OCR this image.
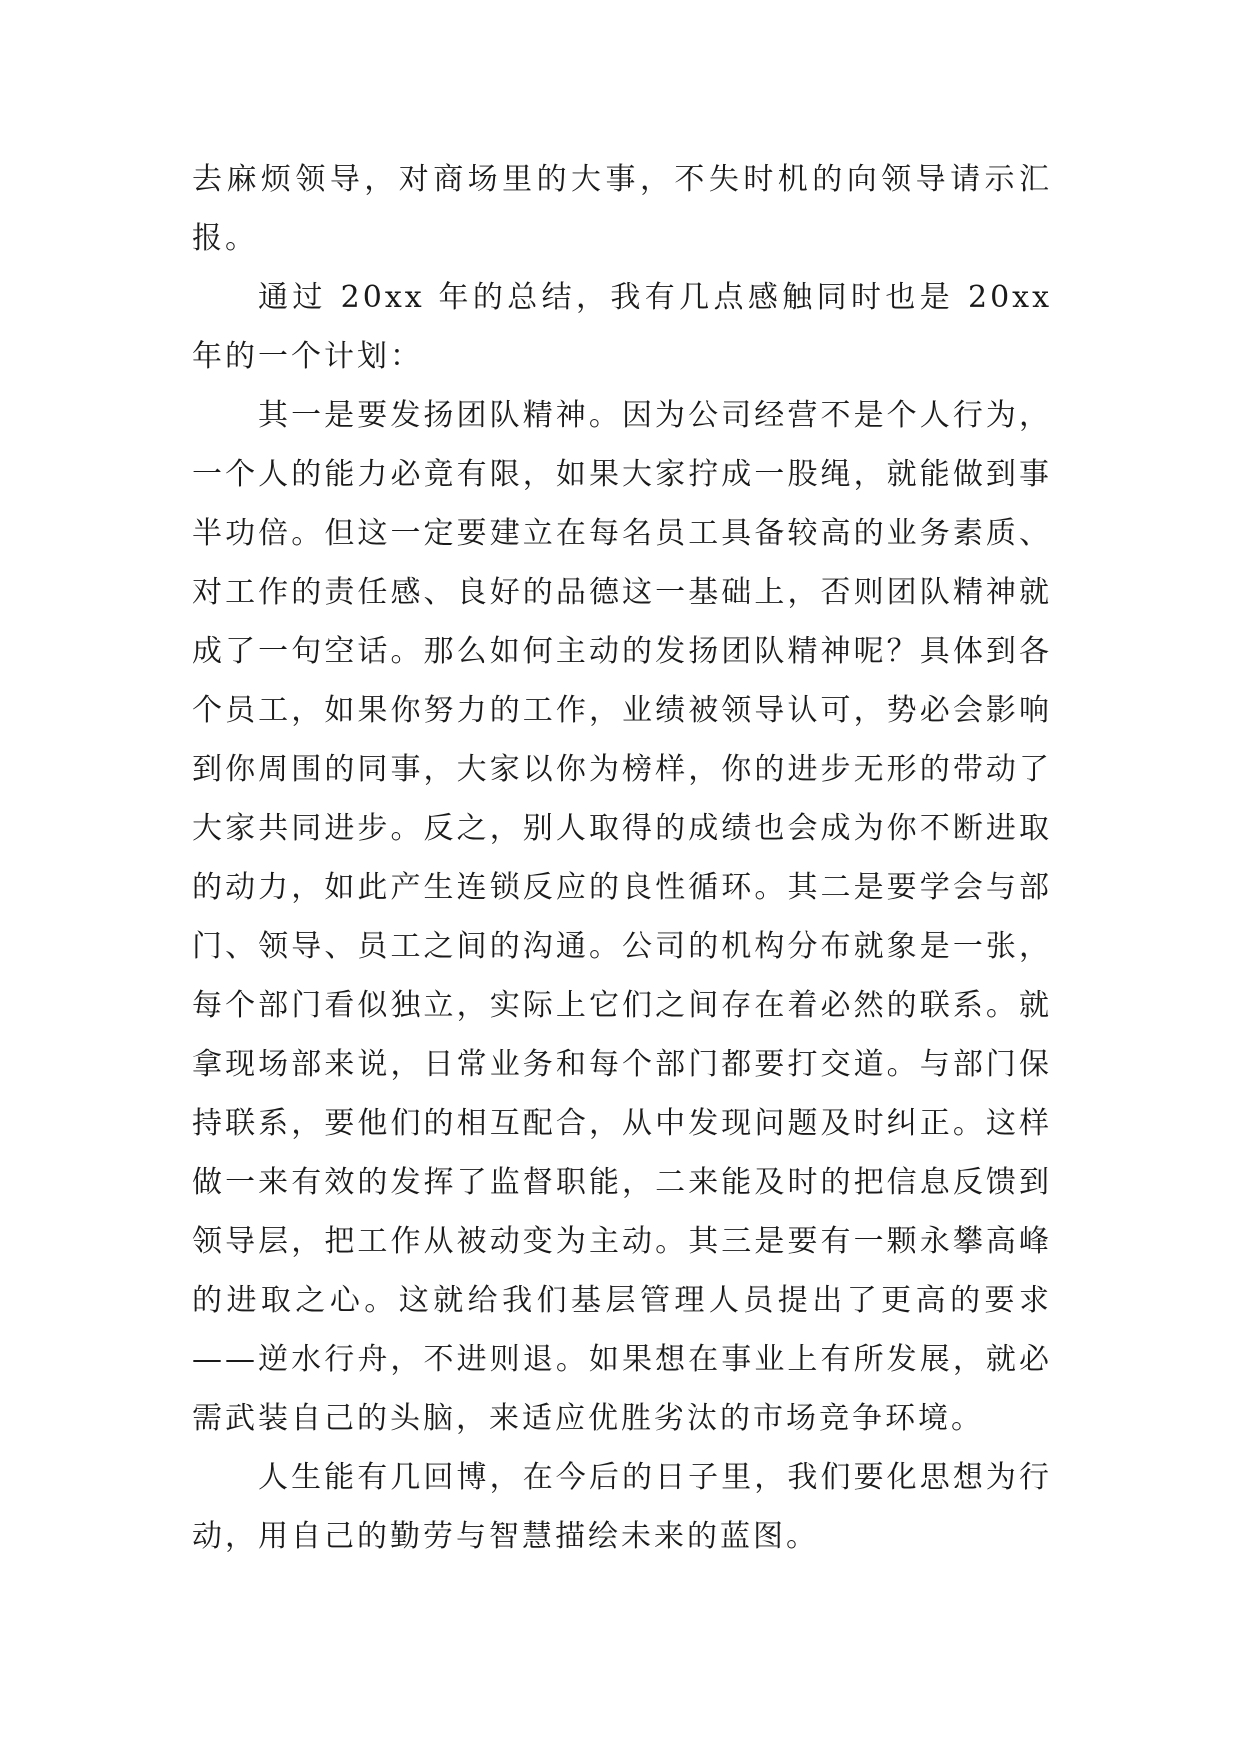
去麻烦领导，对商场里的大事，不失时机的向领导请示汇报。

通过 20xx 年的总结，我有几点感触同时也是 20xx 年的一个计划：

其一是要发扬团队精神。因为公司经营不是个人行为，一个人的能力必竟有限，如果大家拧成一股绳，就能做到事半功倍。但这一定要建立在每名员工具备较高的业务素质、对工作的责任感、良好的品德这一基础上，否则团队精神就成了一句空话。那么如何主动的发扬团队精神呢？具体到各个员工，如果你努力的工作，业绩被领导认可，势必会影响到你周围的同事，大家以你为榜样，你的进步无形的带动了大家共同进步。反之，别人取得的成绩也会成为你不断进取的动力，如此产生连锁反应的良性循环。其二是要学会与部门、领导、员工之间的沟通。公司的机构分布就象是一张，每个部门看似独立，实际上它们之间存在着必然的联系。就拿现场部来说，日常业务和每个部门都要打交道。与部门保持联系，要他们的相互配合，从中发现问题及时纠正。这样做一来有效的发挥了监督职能，二来能及时的把信息反馈到领导层，把工作从被动变为主动。其三是要有一颗永攀高峰的进取之心。这就给我们基层管理人员提出了更高的要求——逆水行舟，不进则退。如果想在事业上有所发展，就必需武装自己的头脑，来适应优胜劣汰的市场竞争环境。

人生能有几回博，在今后的日子里，我们要化思想为行动，用自己的勤劳与智慧描绘未来的蓝图。
